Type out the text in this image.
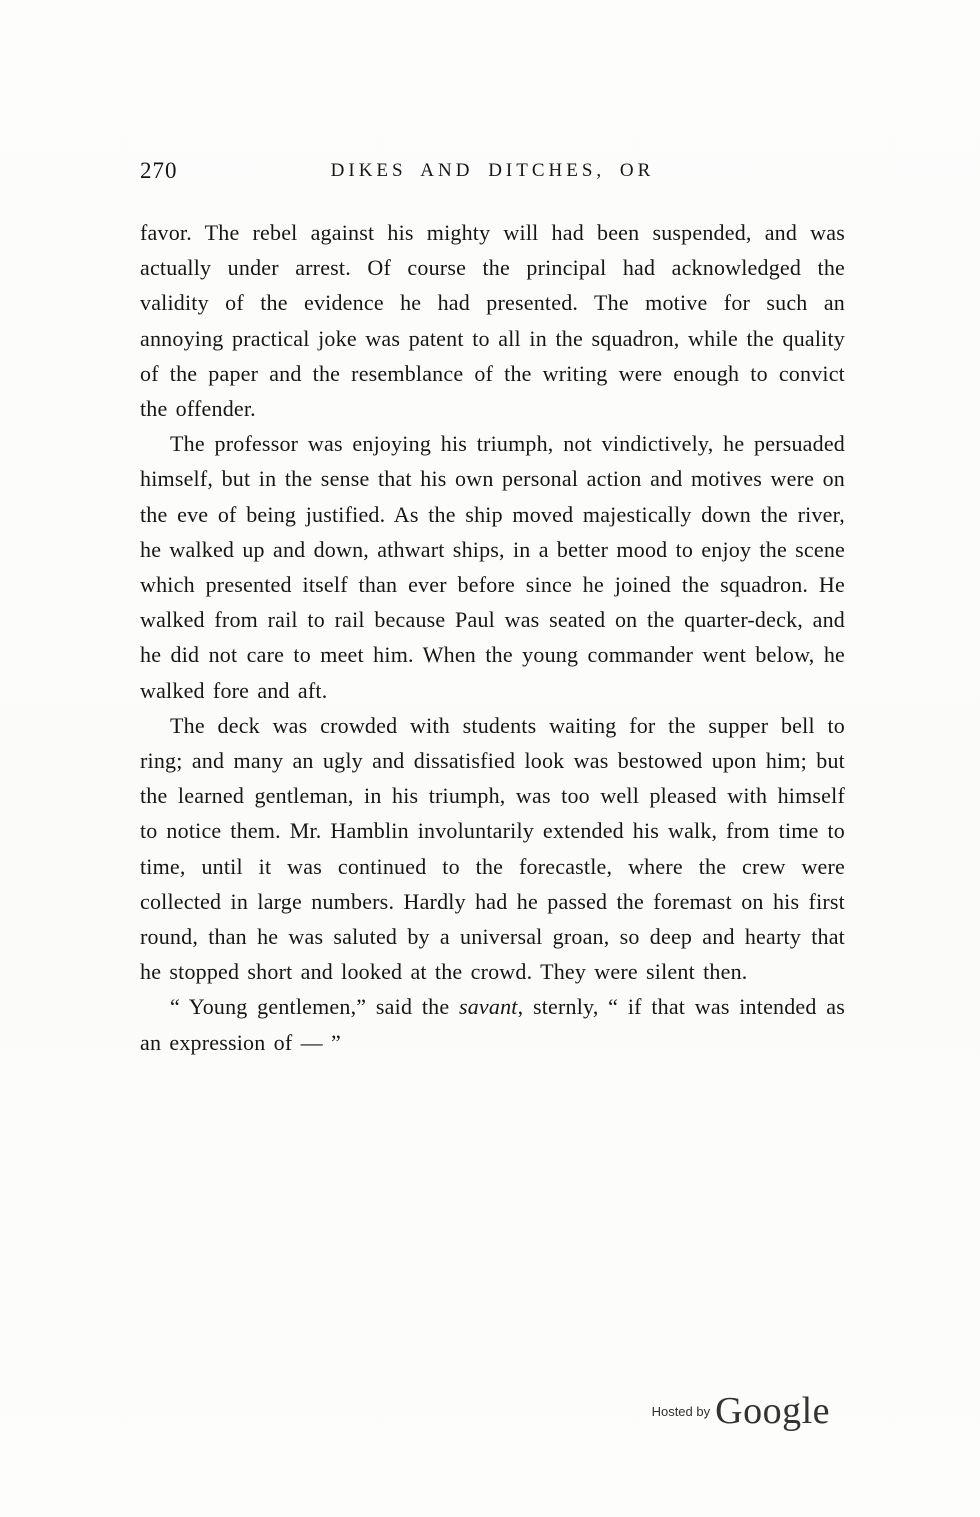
270	DIKES AND DITCHES, OR

favor. The rebel against his mighty will had been suspended, and was actually under arrest. Of course the principal had acknowledged the validity of the evidence he had presented. The motive for such an annoying practical joke was patent to all in the squadron, while the quality of the paper and the resemblance of the writing were enough to convict the offender.

The professor was enjoying his triumph, not vindictively, he persuaded himself, but in the sense that his own personal action and motives were on the eve of being justified. As the ship moved majestically down the river, he walked up and down, athwart ships, in a better mood to enjoy the scene which presented itself than ever before since he joined the squadron. He walked from rail to rail because Paul was seated on the quarter-deck, and he did not care to meet him. When the young commander went below, he walked fore and aft.

The deck was crowded with students waiting for the supper bell to ring; and many an ugly and dissatisfied look was bestowed upon him; but the learned gentleman, in his triumph, was too well pleased with himself to notice them. Mr. Hamblin involuntarily extended his walk, from time to time, until it was continued to the forecastle, where the crew were collected in large numbers. Hardly had he passed the foremast on his first round, than he was saluted by a universal groan, so deep and hearty that he stopped short and looked at the crowd. They were silent then.

“ Young gentlemen,” said the savant, sternly, “ if that was intended as an expression of — ”

Hosted by Google
